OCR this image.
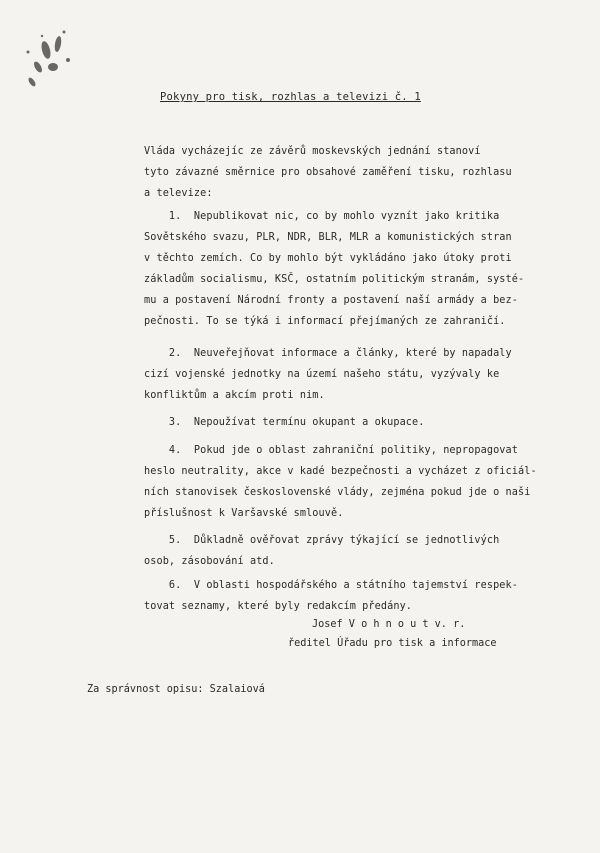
Pokyny pro tisk, rozhlas a televizi č. 1
Vláda vycházejíc ze závěrů moskevských jednání stanoví
tyto závazné směrnice pro obsahové zaměření tisku, rozhlasu
a televize:
1.  Nepublikovat nic, co by mohlo vyznít jako kritika
Sovětského svazu, PLR, NDR, BLR, MLR a komunistických stran
v těchto zemích. Co by mohlo být vykládáno jako útoky proti
základům socialismu, KSČ, ostatním politickým stranám, systé-
mu a postavení Národní fronty a postavení naší armády a bez-
pečnosti. To se týká i informací přejímaných ze zahraničí.
2.  Neuveřejňovat informace a články, které by napadaly
cizí vojenské jednotky na území našeho státu, vyzývaly ke
konfliktům a akcím proti nim.
3.  Nepoužívat termínu okupant a okupace.
4.  Pokud jde o oblast zahraniční politiky, nepropagovat
heslo neutrality, akce v kadé bezpečnosti a vycházet z oficiál-
ních stanovisek československé vlády, zejména pokud jde o naši
příslušnost k Varšavské smlouvě.
5.  Důkladně ověřovat zprávy týkající se jednotlivých
osob, zásobování atd.
6.  V oblasti hospodářského a státního tajemství respek-
tovat seznamy, které byly redakcím předány.
Josef V o h n o u t v. r.
ředitel Úřadu pro tisk a informace
Za správnost opisu: Szalaiová
